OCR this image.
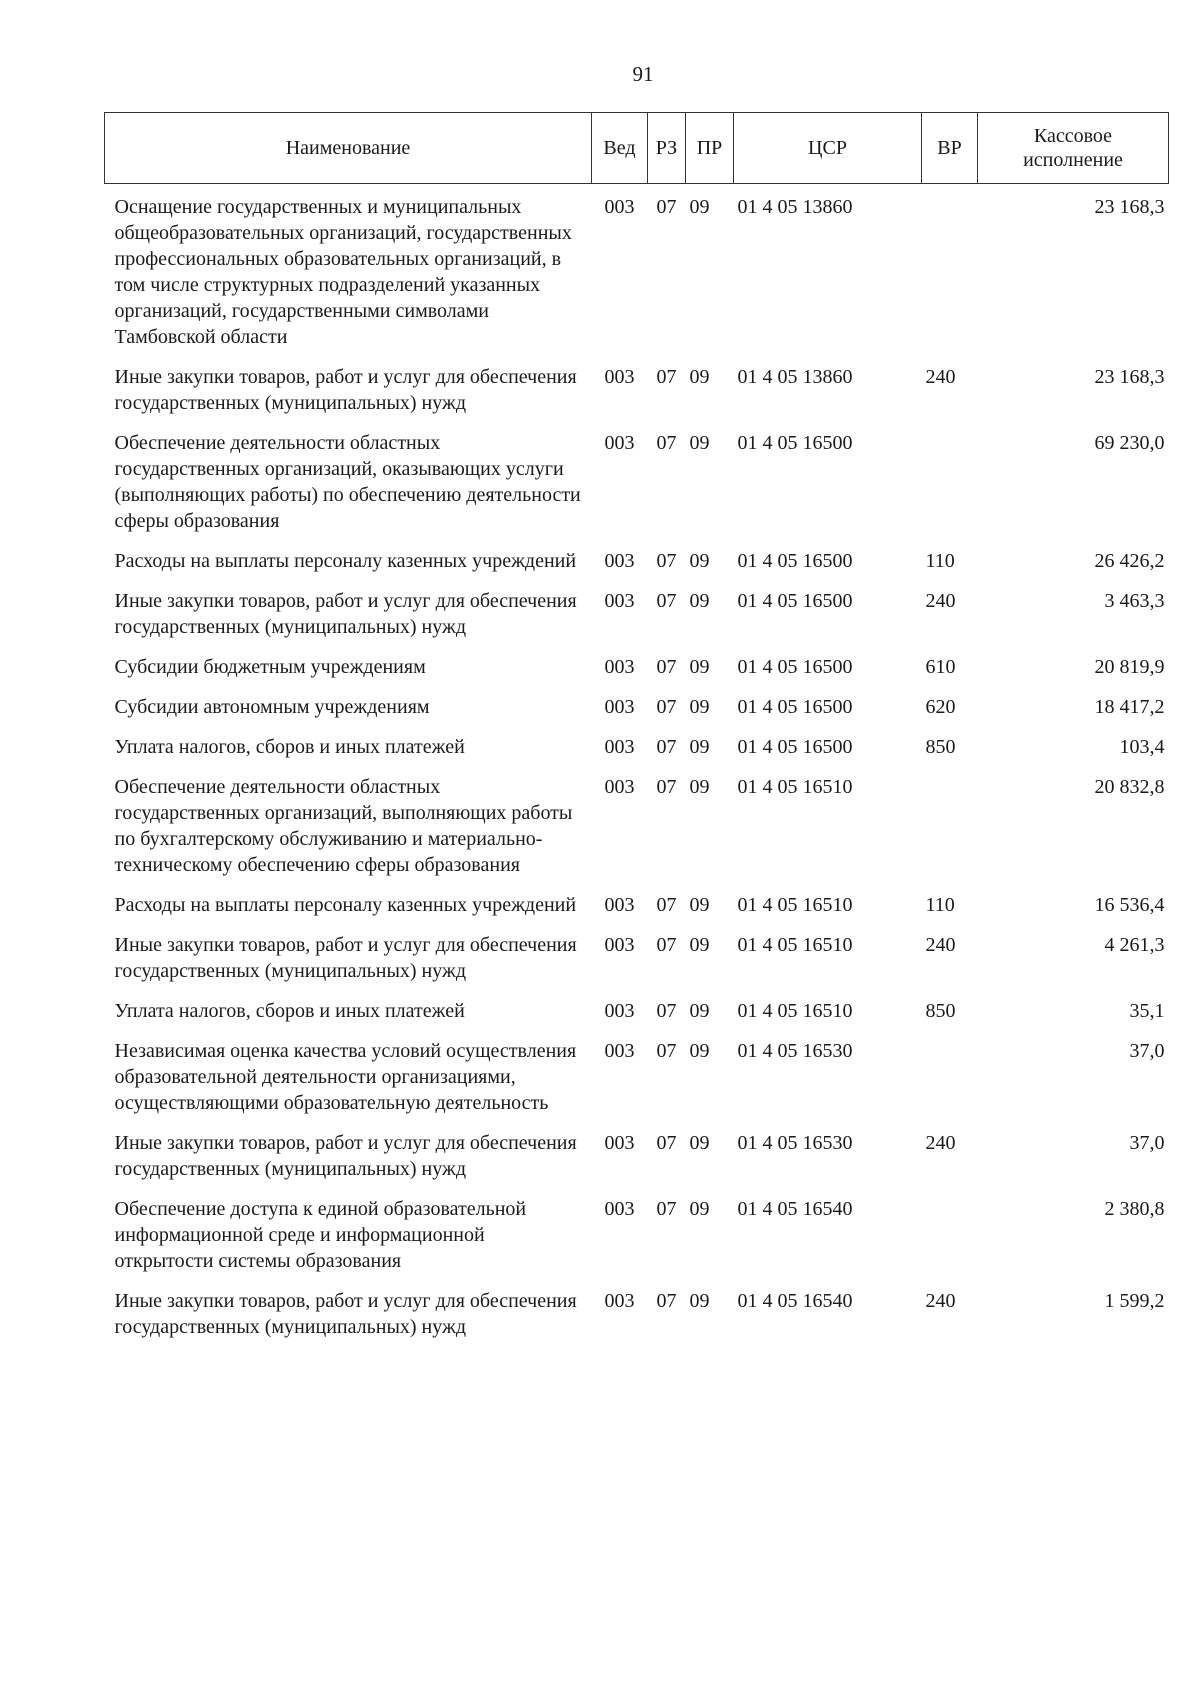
91
Наименование	Вед	РЗ	ПР	ЦСР	ВР	Кассовое исполнение
Оснащение государственных и муниципальных общеобразовательных организаций, государственных профессиональных образовательных организаций, в том числе структурных подразделений указанных организаций, государственными символами Тамбовской области	003	07	09	01 4 05 13860		23 168,3
Иные закупки товаров, работ и услуг для обеспечения государственных (муниципальных) нужд	003	07	09	01 4 05 13860	240	23 168,3
Обеспечение деятельности областных государственных организаций, оказывающих услуги (выполняющих работы) по обеспечению деятельности сферы образования	003	07	09	01 4 05 16500		69 230,0
Расходы на выплаты персоналу казенных учреждений	003	07	09	01 4 05 16500	110	26 426,2
Иные закупки товаров, работ и услуг для обеспечения государственных (муниципальных) нужд	003	07	09	01 4 05 16500	240	3 463,3
Субсидии бюджетным учреждениям	003	07	09	01 4 05 16500	610	20 819,9
Субсидии автономным учреждениям	003	07	09	01 4 05 16500	620	18 417,2
Уплата налогов, сборов и иных платежей	003	07	09	01 4 05 16500	850	103,4
Обеспечение деятельности областных государственных организаций, выполняющих работы по бухгалтерскому обслуживанию и материально-техническому обеспечению сферы образования	003	07	09	01 4 05 16510		20 832,8
Расходы на выплаты персоналу казенных учреждений	003	07	09	01 4 05 16510	110	16 536,4
Иные закупки товаров, работ и услуг для обеспечения государственных (муниципальных) нужд	003	07	09	01 4 05 16510	240	4 261,3
Уплата налогов, сборов и иных платежей	003	07	09	01 4 05 16510	850	35,1
Независимая оценка качества условий осуществления образовательной деятельности организациями, осуществляющими образовательную деятельность	003	07	09	01 4 05 16530		37,0
Иные закупки товаров, работ и услуг для обеспечения государственных (муниципальных) нужд	003	07	09	01 4 05 16530	240	37,0
Обеспечение доступа к единой образовательной информационной среде и информационной открытости системы образования	003	07	09	01 4 05 16540		2 380,8
Иные закупки товаров, работ и услуг для обеспечения государственных (муниципальных) нужд	003	07	09	01 4 05 16540	240	1 599,2
